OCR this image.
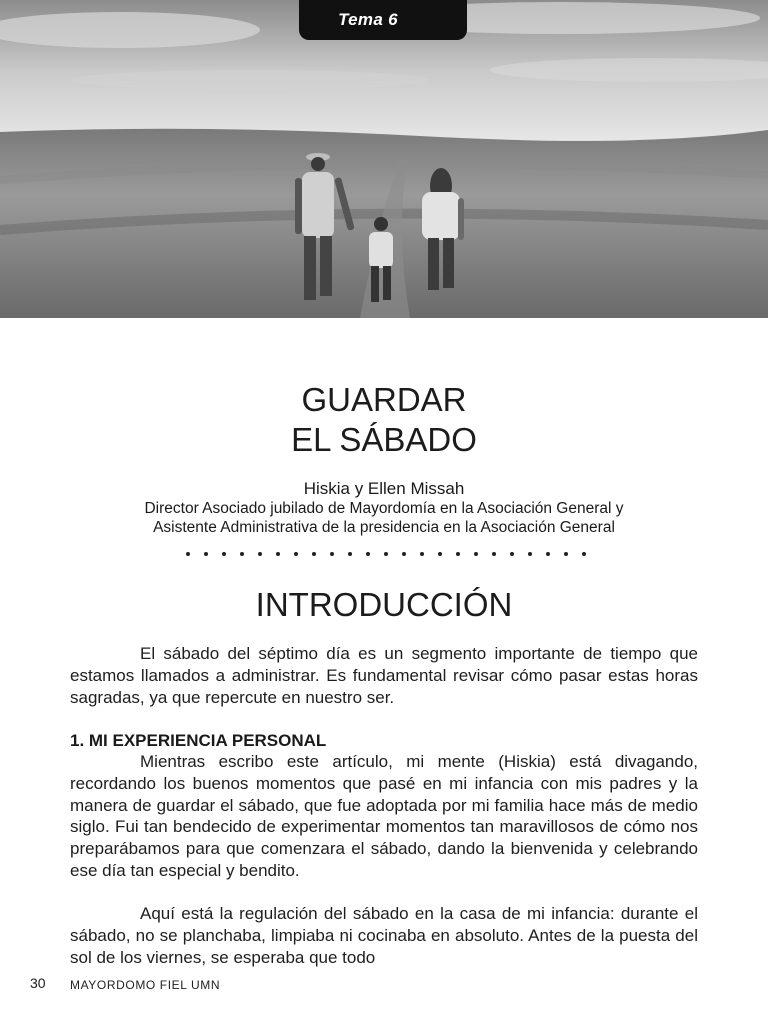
Tema 6
GUARDAR
EL SÁBADO
Hiskia y Ellen Missah
Director Asociado jubilado de Mayordomía en la Asociación General y
Asistente Administrativa de la presidencia en la Asociación General
INTRODUCCIÓN
El sábado del séptimo día es un segmento importante de tiempo que estamos llamados a administrar. Es fundamental revisar cómo pasar estas horas sagradas, ya que repercute en nuestro ser.
1. MI EXPERIENCIA PERSONAL
Mientras escribo este artículo, mi mente (Hiskia) está divagando, recordando los buenos momentos que pasé en mi infancia con mis padres y la manera de guardar el sábado, que fue adoptada por mi familia hace más de medio siglo. Fui tan bendecido de experimentar momentos tan maravillosos de cómo nos preparábamos para que comenzara el sábado, dando la bienvenida y celebrando ese día tan especial y bendito.
Aquí está la regulación del sábado en la casa de mi infancia: durante el sábado, no se planchaba, limpiaba ni cocinaba en absoluto. Antes de la puesta del sol de los viernes, se esperaba que todo
30 MAYORDOMO FIEL UMN
